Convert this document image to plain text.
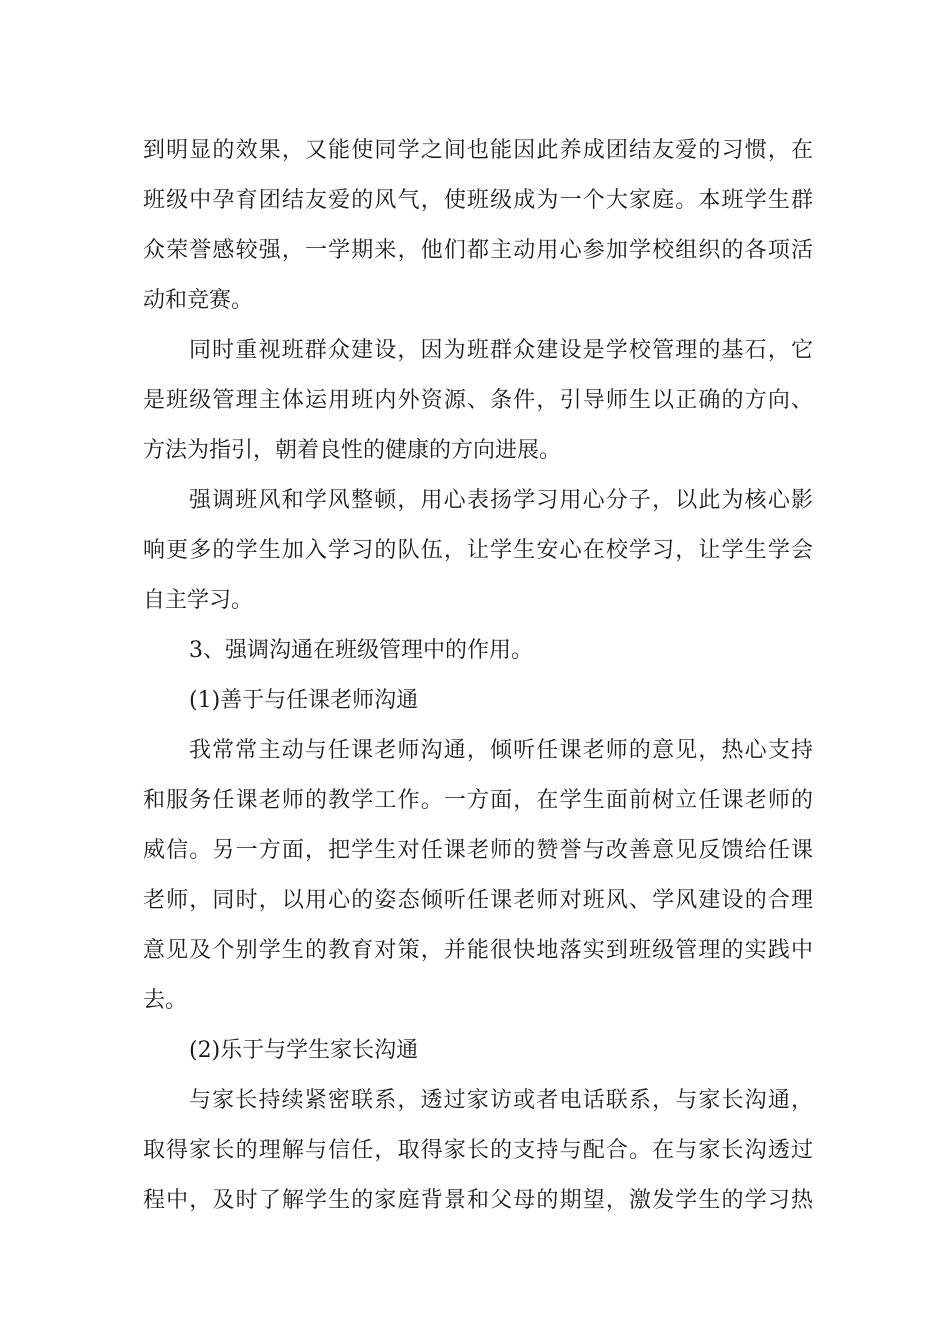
到明显的效果，又能使同学之间也能因此养成团结友爱的习惯，在
班级中孕育团结友爱的风气，使班级成为一个大家庭。本班学生群
众荣誉感较强，一学期来，他们都主动用心参加学校组织的各项活
动和竞赛。
同时重视班群众建设，因为班群众建设是学校管理的基石，它
是班级管理主体运用班内外资源、条件，引导师生以正确的方向、
方法为指引，朝着良性的健康的方向进展。
强调班风和学风整顿，用心表扬学习用心分子，以此为核心影
响更多的学生加入学习的队伍，让学生安心在校学习，让学生学会
自主学习。
3、强调沟通在班级管理中的作用。
(1)善于与任课老师沟通
我常常主动与任课老师沟通，倾听任课老师的意见，热心支持
和服务任课老师的教学工作。一方面，在学生面前树立任课老师的
威信。另一方面，把学生对任课老师的赞誉与改善意见反馈给任课
老师，同时，以用心的姿态倾听任课老师对班风、学风建设的合理
意见及个别学生的教育对策，并能很快地落实到班级管理的实践中
去。
(2)乐于与学生家长沟通
与家长持续紧密联系，透过家访或者电话联系，与家长沟通，
取得家长的理解与信任，取得家长的支持与配合。在与家长沟透过
程中，及时了解学生的家庭背景和父母的期望，激发学生的学习热
